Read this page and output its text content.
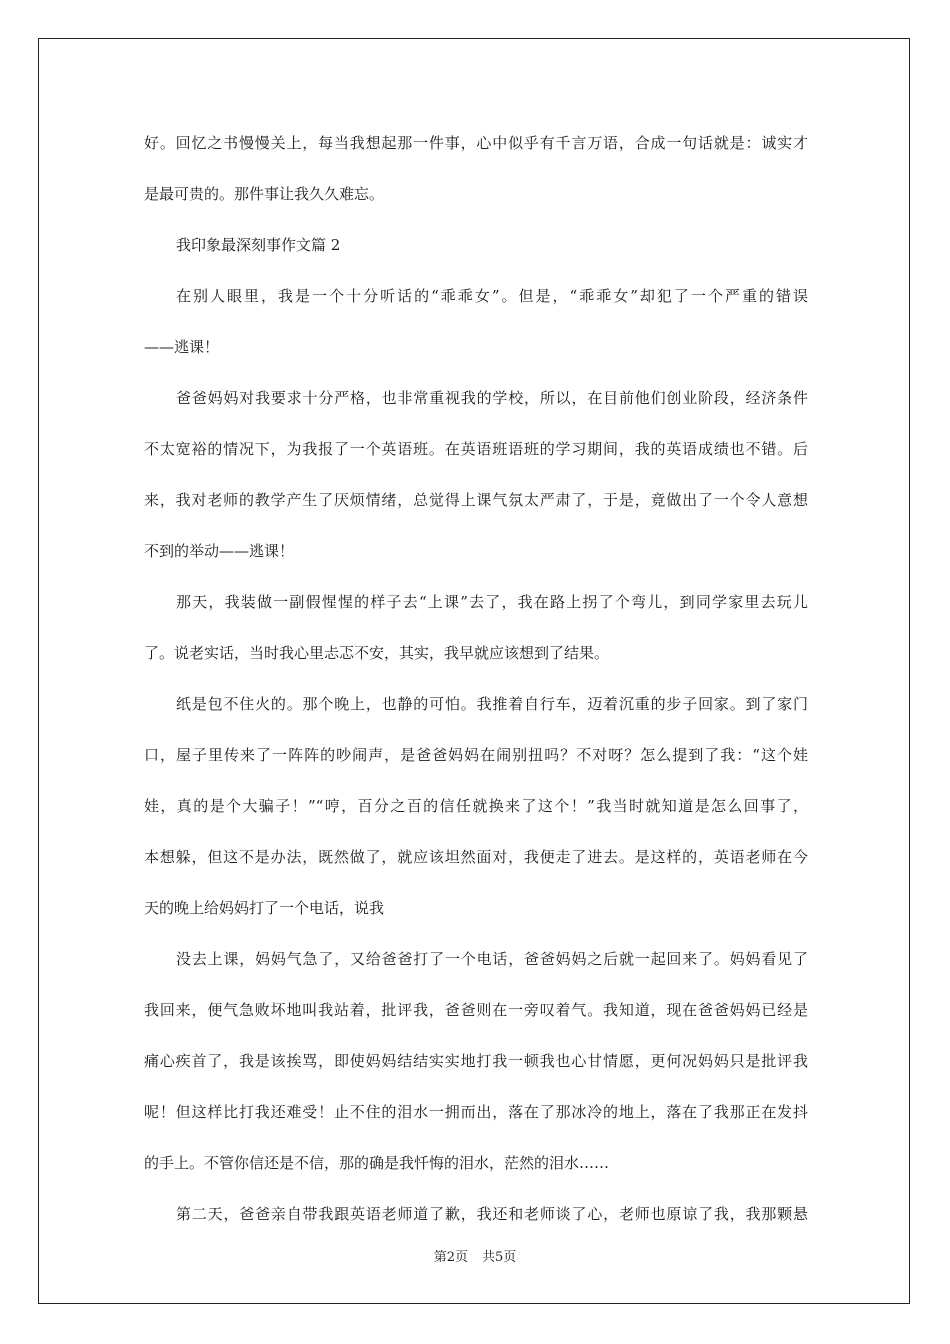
好。回忆之书慢慢关上，每当我想起那一件事，心中似乎有千言万语，合成一句话就是：诚实才
是最可贵的。那件事让我久久难忘。
我印象最深刻事作文篇 2
在别人眼里，我是一个十分听话的“乖乖女”。但是，“乖乖女”却犯了一个严重的错误
——逃课！
爸爸妈妈对我要求十分严格，也非常重视我的学校，所以，在目前他们创业阶段，经济条件
不太宽裕的情况下，为我报了一个英语班。在英语班语班的学习期间，我的英语成绩也不错。后
来，我对老师的教学产生了厌烦情绪，总觉得上课气氛太严肃了，于是，竟做出了一个令人意想
不到的举动——逃课！
那天，我装做一副假惺惺的样子去“上课”去了，我在路上拐了个弯儿，到同学家里去玩儿
了。说老实话，当时我心里忐忑不安，其实，我早就应该想到了结果。
纸是包不住火的。那个晚上，也静的可怕。我推着自行车，迈着沉重的步子回家。到了家门
口，屋子里传来了一阵阵的吵闹声，是爸爸妈妈在闹别扭吗？不对呀？怎么提到了我：“这个娃
娃，真的是个大骗子！”“哼，百分之百的信任就换来了这个！”我当时就知道是怎么回事了，
本想躲，但这不是办法，既然做了，就应该坦然面对，我便走了进去。是这样的，英语老师在今
天的晚上给妈妈打了一个电话，说我
没去上课，妈妈气急了，又给爸爸打了一个电话，爸爸妈妈之后就一起回来了。妈妈看见了
我回来，便气急败坏地叫我站着，批评我，爸爸则在一旁叹着气。我知道，现在爸爸妈妈已经是
痛心疾首了，我是该挨骂，即使妈妈结结实实地打我一顿我也心甘情愿，更何况妈妈只是批评我
呢！但这样比打我还难受！止不住的泪水一拥而出，落在了那冰冷的地上，落在了我那正在发抖
的手上。不管你信还是不信，那的确是我忏悔的泪水，茫然的泪水……
第二天，爸爸亲自带我跟英语老师道了歉，我还和老师谈了心，老师也原谅了我，我那颗悬
第2页 共5页
